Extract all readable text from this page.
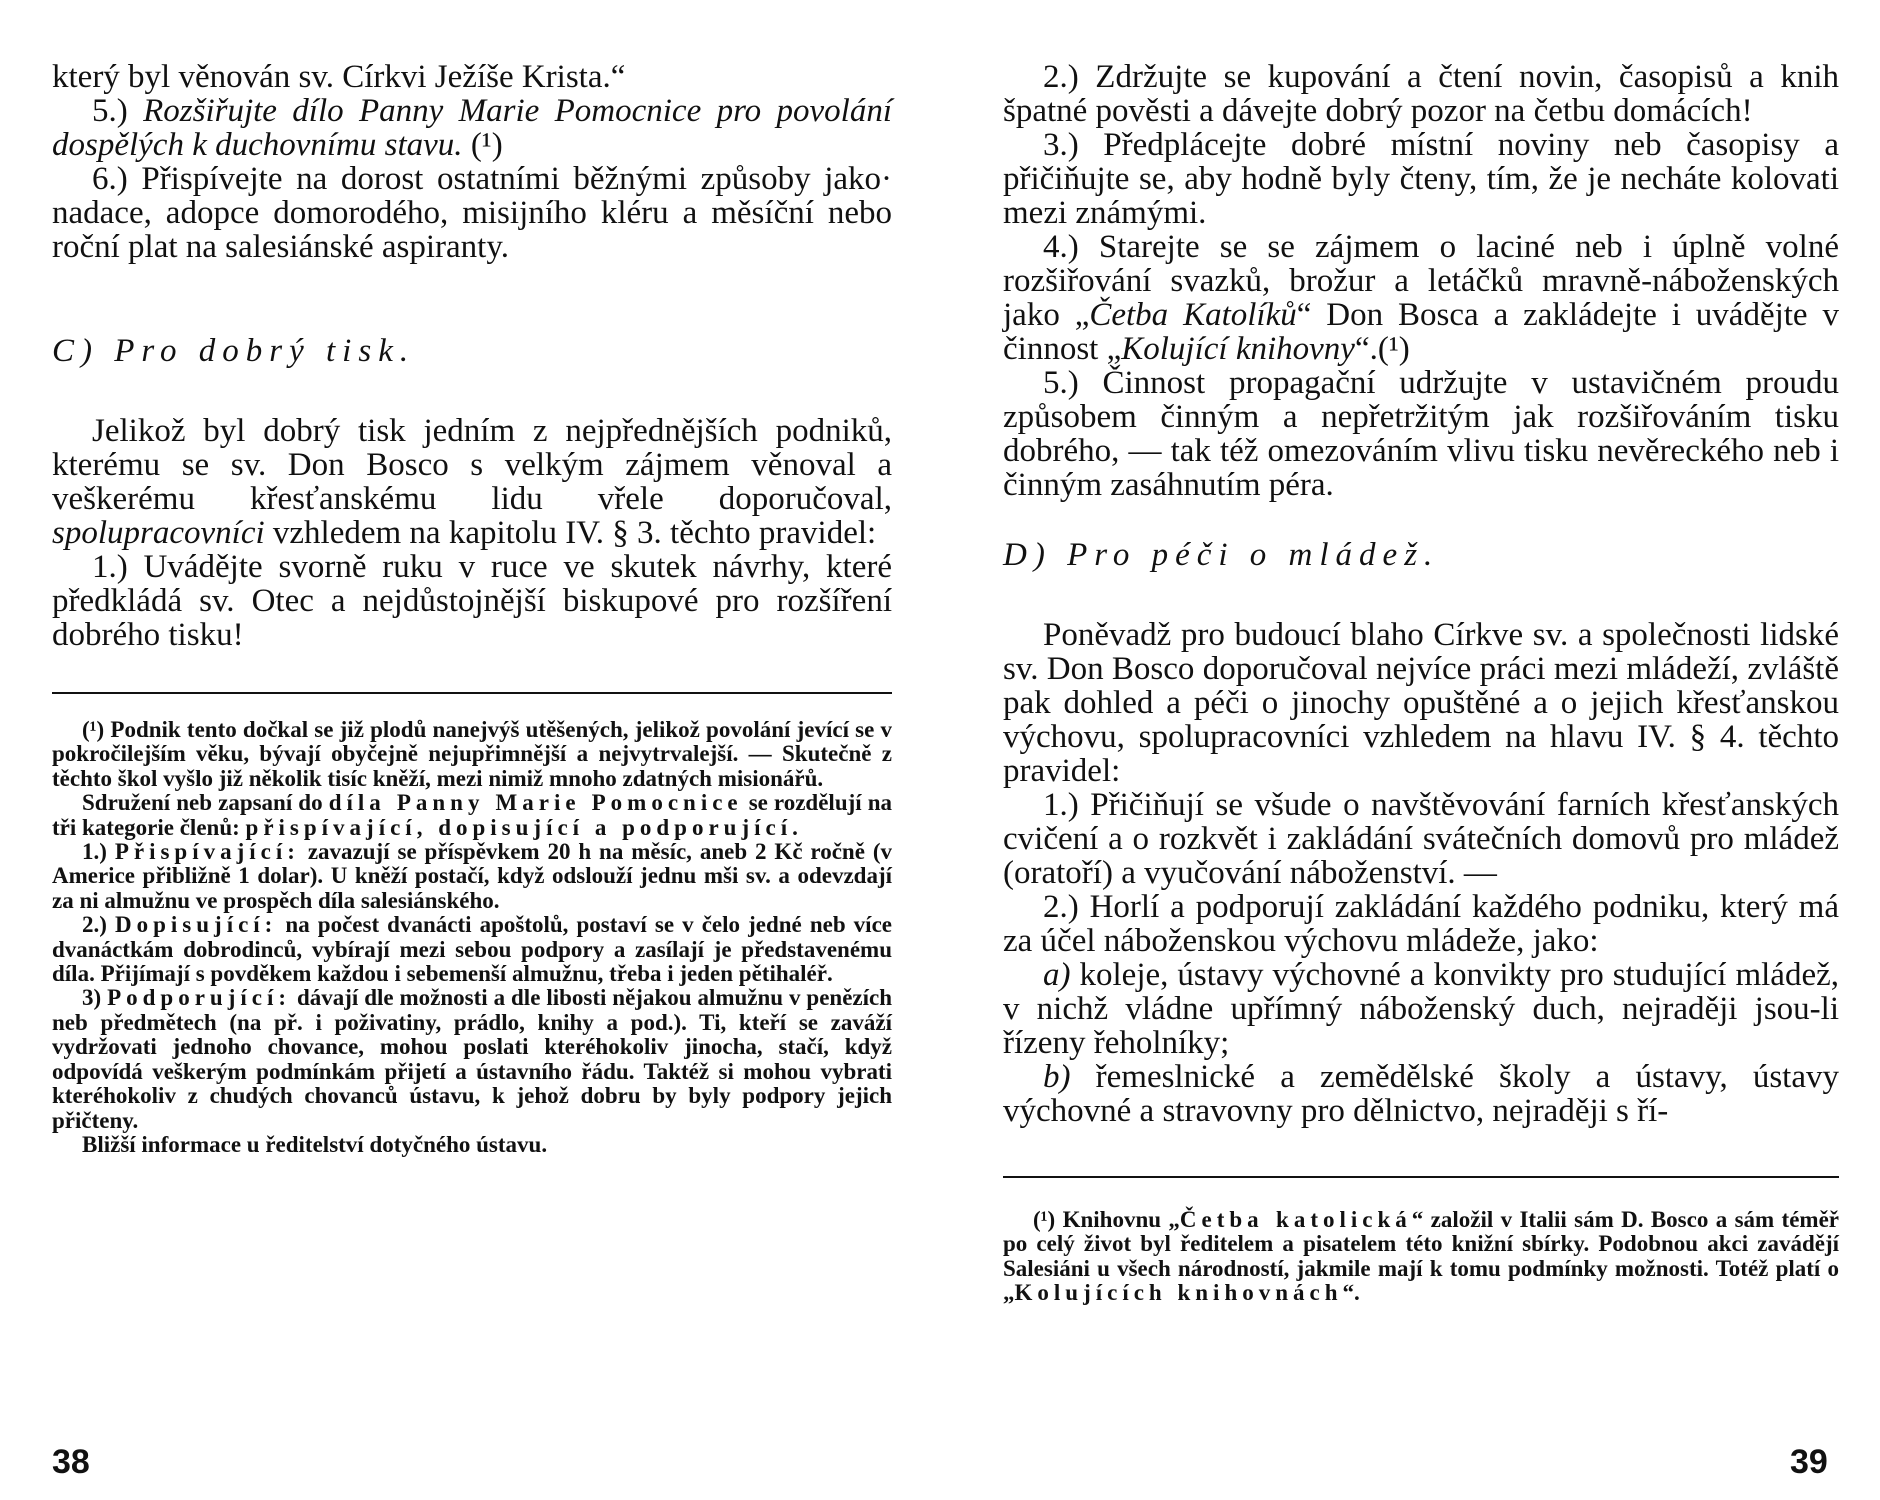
který byl věnován sv. Církvi Ježíše Krista.“

5.) Rozšiřujte dílo Panny Marie Pomocnice pro povolání dospělých k duchovnímu stavu. (¹)

6.) Přispívejte na dorost ostatními běžnými způsoby jako· nadace, adopce domorodého, misijního kléru a měsíční nebo roční plat na salesiánské aspiranty.

C) Pro dobrý tisk.

Jelikož byl dobrý tisk jedním z nejpřednějších podniků, kterému se sv. Don Bosco s velkým zájmem věnoval a veškerému křesťanskému lidu vřele doporučoval, spolupracovníci vzhledem na kapitolu IV. § 3. těchto pravidel:

1.) Uvádějte svorně ruku v ruce ve skutek návrhy, které předkládá sv. Otec a nejdůstojnější biskupové pro rozšíření dobrého tisku!

(¹) Podnik tento dočkal se již plodů nanejvýš utěšených, jelikož povolání jevící se v pokročilejším věku, bývají obyčejně nejupřimnější a nejvytrvalejší. — Skutečně z těchto škol vyšlo již několik tisíc kněží, mezi nimiž mnoho zdatných misionářů.

Sdružení neb zapsaní do díla Panny Marie Pomocnice se rozdělují na tři kategorie členů: přispívající, dopisující a podporující.

1.) Přispívající: zavazují se příspěvkem 20 h na měsíc, aneb 2 Kč ročně (v Americe přibližně 1 dolar). U kněží postačí, když odslouží jednu mši sv. a odevzdají za ni almužnu ve prospěch díla salesiánského.

2.) Dopisující: na počest dvanácti apoštolů, postaví se v čelo jedné neb více dvanáctkám dobrodinců, vybírají mezi sebou podpory a zasílají je představenému díla. Přijímají s povděkem každou i sebemenší almužnu, třeba i jeden pětihaléř.

3) Podporující: dávají dle možnosti a dle libosti nějakou almužnu v penězích neb předmětech (na př. i poživatiny, prádlo, knihy a pod.). Ti, kteří se zaváží vydržovati jednoho chovance, mohou poslati kteréhokoliv jinocha, stačí, když odpovídá veškerým podmínkám přijetí a ústavního řádu. Taktéž si mohou vybrati kteréhokoliv z chudých chovanců ústavu, k jehož dobru by byly podpory jejich přičteny.

Bližší informace u ředitelství dotyčného ústavu.

38

2.) Zdržujte se kupování a čtení novin, časopisů a knih špatné pověsti a dávejte dobrý pozor na četbu domácích!

3.) Předplácejte dobré místní noviny neb časopisy a přičiňujte se, aby hodně byly čteny, tím, že je necháte kolovati mezi známými.

4.) Starejte se se zájmem o laciné neb i úplně volné rozšiřování svazků, brožur a letáčků mravně-náboženských jako „Četba Katolíků“ Don Bosca a zakládejte i uvádějte v činnost „Kolující knihovny“.(¹)

5.) Činnost propagační udržujte v ustavičném proudu způsobem činným a nepřetržitým jak rozšiřováním tisku dobrého, — tak též omezováním vlivu tisku nevěreckého neb i činným zasáhnutím péra.

D) Pro péči o mládež.

Poněvadž pro budoucí blaho Církve sv. a společnosti lidské sv. Don Bosco doporučoval nejvíce práci mezi mládeží, zvláště pak dohled a péči o jinochy opuštěné a o jejich křesťanskou výchovu, spolupracovníci vzhledem na hlavu IV. § 4. těchto pravidel:

1.) Přičiňují se všude o navštěvování farních křesťanských cvičení a o rozkvět i zakládání svátečních domovů pro mládež (oratoří) a vyučování náboženství. —

2.) Horlí a podporují zakládání každého podniku, který má za účel náboženskou výchovu mládeže, jako:

a) koleje, ústavy výchovné a konvikty pro studující mládež, v nichž vládne upřímný náboženský duch, nejraději jsou-li řízeny řeholníky;

b) řemeslnické a zemědělské školy a ústavy, ústavy výchovné a stravovny pro dělnictvo, nejraději s ří-

(¹) Knihovnu „Četba katolická“ založil v Italii sám D. Bosco a sám téměř po celý život byl ředitelem a pisatelem této knižní sbírky. Podobnou akci zavádějí Salesiáni u všech národností, jakmile mají k tomu podmínky možnosti. Totéž platí o „Kolujících knihovnách“.

39
